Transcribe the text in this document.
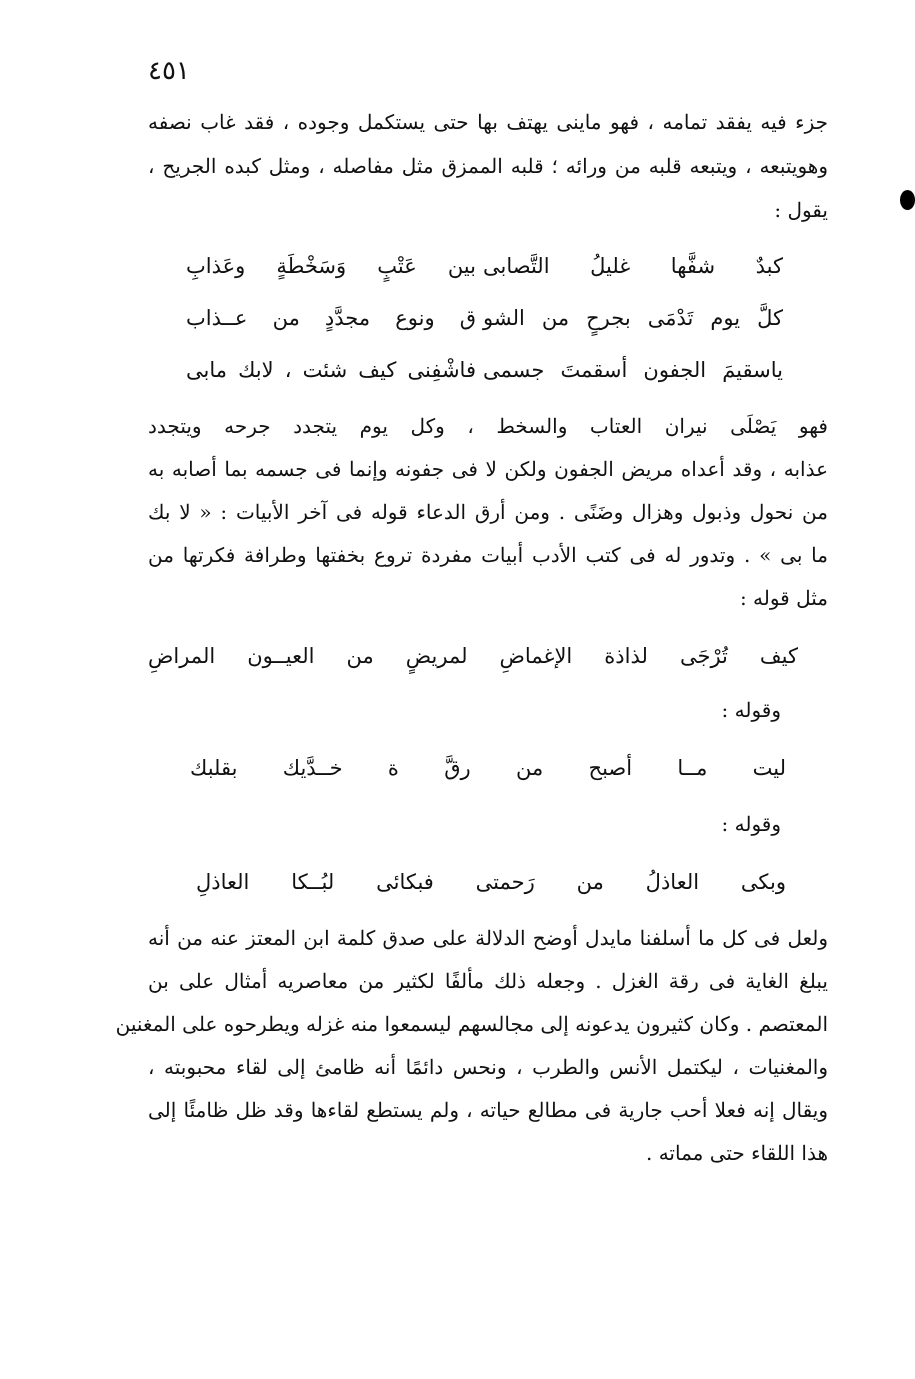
٤٥١
جزء فيه يفقد تمامه ، فهو ماينى يهتف بها حتى يستكمل وجوده ، فقد غاب نصفه
وهويتبعه ، ويتبعه قلبه من ورائه ؛ قلبه الممزق مثل مفاصله ، ومثل كبده الجريح ،
يقول :
كبدٌ شفَّها غليلُ التَّصابى
بين عَتْبٍ وَسَخْطَةٍ وعَذابِ
كلَّ يوم تَدْمَى بجرحٍ من الشو
ق ونوع مجدَّدٍ من عــذاب
ياسقيمَ الجفون أسقمتَ جسمى
فاشْفِنى كيف شئت ، لابك مابى
فهو يَصْلَى نيران العتاب والسخط ، وكل يوم يتجدد جرحه ويتجدد
عذابه ، وقد أعداه مريض الجفون ولكن لا فى جفونه وإنما فى جسمه بما أصابه به
من نحول وذبول وهزال وضَنًى . ومن أرق الدعاء قوله فى آخر الأبيات : « لا بك
ما بى » . وتدور له فى كتب الأدب أبيات مفردة تروع بخفتها وطرافة فكرتها من
مثل قوله :
كيف تُرْجَى لذاذة الإغماضِ لمريضٍ من العيــون المراضِ
وقوله :
ليت مــا أصبح من رقَّ ة خــدَّيك بقلبك
وقوله :
وبكى العاذلُ من رَحمتى فبكائى لبُــكا العاذلِ
ولعل فى كل ما أسلفنا مايدل أوضح الدلالة على صدق كلمة ابن المعتز عنه من أنه
يبلغ الغاية فى رقة الغزل . وجعله ذلك مألفًا لكثير من معاصريه أمثال على بن
المعتصم . وكان كثيرون يدعونه إلى مجالسهم ليسمعوا منه غزله ويطرحوه على المغنين
والمغنيات ، ليكتمل الأنس والطرب ، ونحس دائمًا أنه ظامئ إلى لقاء محبوبته ،
ويقال إنه فعلا أحب جارية فى مطالع حياته ، ولم يستطع لقاءها وقد ظل ظامئًا إلى
هذا اللقاء حتى مماته .
